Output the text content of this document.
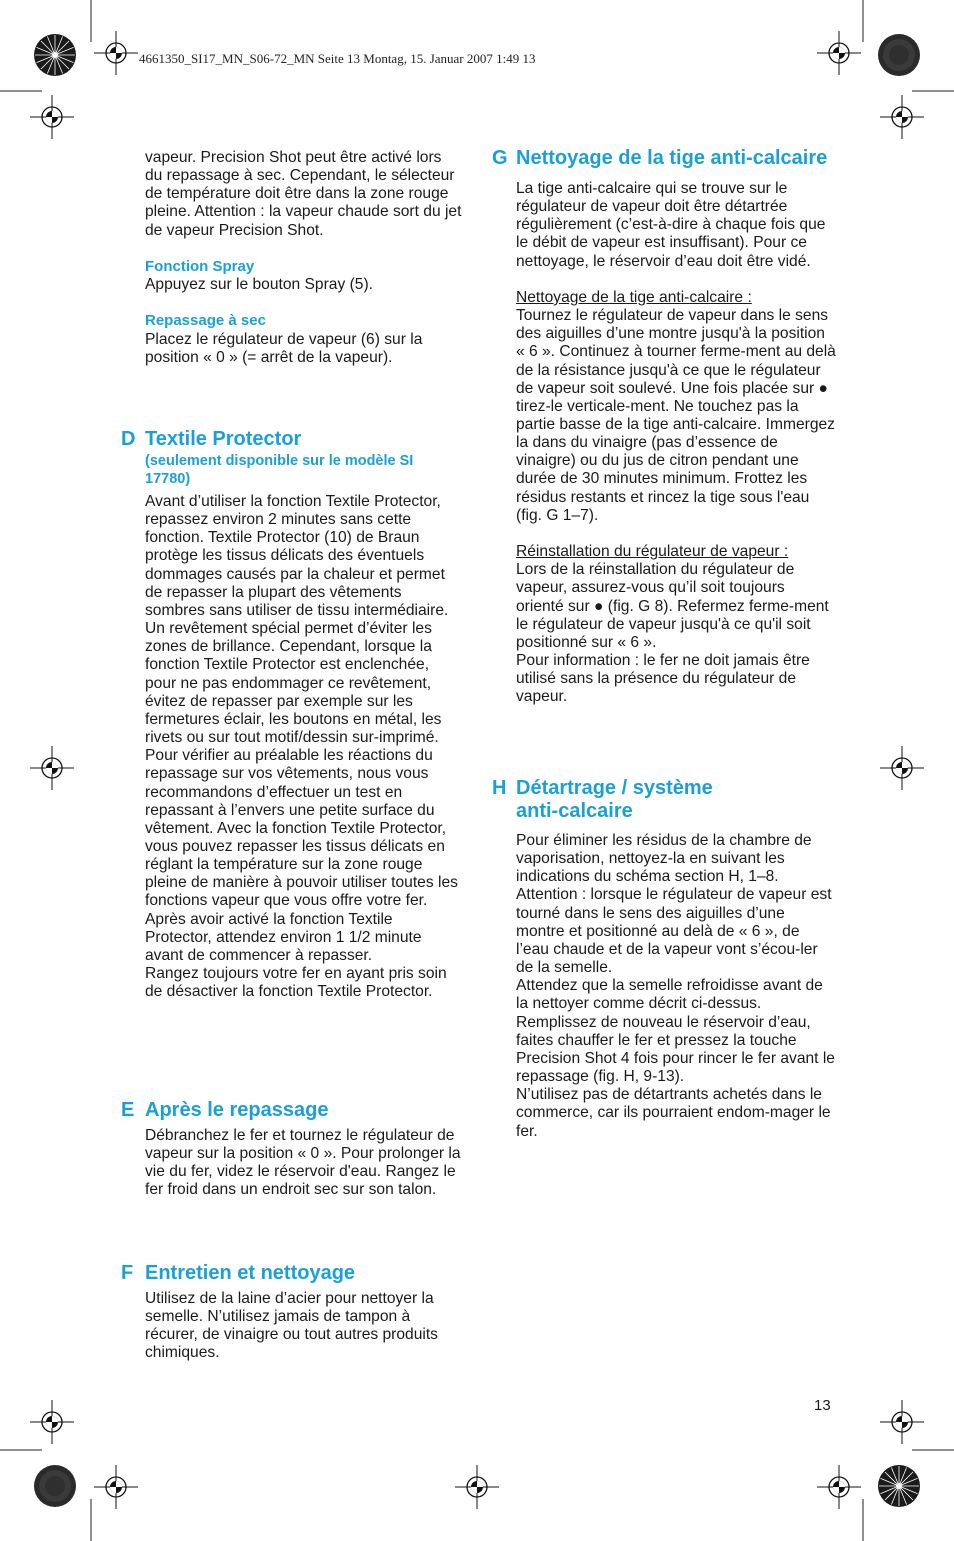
4661350_SI17_MN_S06-72_MN Seite 13 Montag, 15. Januar 2007 1:49 13

vapeur. Precision Shot peut être activé lors du repassage à sec. Cependant, le sélecteur de température doit être dans la zone rouge pleine. Attention : la vapeur chaude sort du jet de vapeur Precision Shot.

Fonction Spray

Appuyez sur le bouton Spray (5).

Repassage à sec

Placez le régulateur de vapeur (6) sur la position « 0 » (= arrêt de la vapeur).

D Textile Protector

(seulement disponible sur le modèle SI 17780)

Avant d’utiliser la fonction Textile Protector, repassez environ 2 minutes sans cette fonction. Textile Protector (10) de Braun protège les tissus délicats des éventuels dommages causés par la chaleur et permet de repasser la plupart des vêtements sombres sans utiliser de tissu intermédiaire. Un revêtement spécial permet d’éviter les zones de brillance. Cependant, lorsque la fonction Textile Protector est enclenchée, pour ne pas endommager ce revêtement, évitez de repasser par exemple sur les fermetures éclair, les boutons en métal, les rivets ou sur tout motif/dessin sur-imprimé.

Pour vérifier au préalable les réactions du repassage sur vos vêtements, nous vous recommandons d’effectuer un test en repassant à l’envers une petite surface du vêtement. Avec la fonction Textile Protector, vous pouvez repasser les tissus délicats en réglant la température sur la zone rouge pleine de manière à pouvoir utiliser toutes les fonctions vapeur que vous offre votre fer.

Après avoir activé la fonction Textile Protector, attendez environ 1 1/2 minute avant de commencer à repasser.

Rangez toujours votre fer en ayant pris soin de désactiver la fonction Textile Protector.

E Après le repassage

Débranchez le fer et tournez le régulateur de vapeur sur la position « 0 ». Pour prolonger la vie du fer, videz le réservoir d'eau. Rangez le fer froid dans un endroit sec sur son talon.

F Entretien et nettoyage

Utilisez de la laine d’acier pour nettoyer la semelle. N’utilisez jamais de tampon à récurer, de vinaigre ou tout autres produits chimiques.

G Nettoyage de la tige anti-calcaire

La tige anti-calcaire qui se trouve sur le régulateur de vapeur doit être détartrée régulièrement (c’est-à-dire à chaque fois que le débit de vapeur est insuffisant). Pour ce nettoyage, le réservoir d’eau doit être vidé.

Nettoyage de la tige anti-calcaire :

Tournez le régulateur de vapeur dans le sens des aiguilles d’une montre jusqu'à la position « 6 ». Continuez à tourner ferme-ment au delà de la résistance jusqu'à ce que le régulateur de vapeur soit soulevé. Une fois placée sur ● tirez-le verticale-ment. Ne touchez pas la partie basse de la tige anti-calcaire. Immergez la dans du vinaigre (pas d’essence de vinaigre) ou du jus de citron pendant une durée de 30 minutes minimum. Frottez les résidus restants et rincez la tige sous l'eau

(fig. G 1–7).

Réinstallation du régulateur de vapeur :

Lors de la réinstallation du régulateur de vapeur, assurez-vous qu’il soit toujours orienté sur ● (fig. G 8). Refermez ferme-ment le régulateur de vapeur jusqu'à ce qu'il soit positionné sur « 6 ».

Pour information : le fer ne doit jamais être utilisé sans la présence du régulateur de vapeur.

H Détartrage / système
anti-calcaire

Pour éliminer les résidus de la chambre de vaporisation, nettoyez-la en suivant les indications du schéma section H, 1–8.

Attention : lorsque le régulateur de vapeur est tourné dans le sens des aiguilles d’une montre et positionné au delà de « 6 », de l’eau chaude et de la vapeur vont s’écou-ler de la semelle.

Attendez que la semelle refroidisse avant de la nettoyer comme décrit ci-dessus.

Remplissez de nouveau le réservoir d’eau, faites chauffer le fer et pressez la touche Precision Shot 4 fois pour rincer le fer avant le repassage (fig. H, 9-13).

N’utilisez pas de détartrants achetés dans le commerce, car ils pourraient endom-mager le fer.

13
